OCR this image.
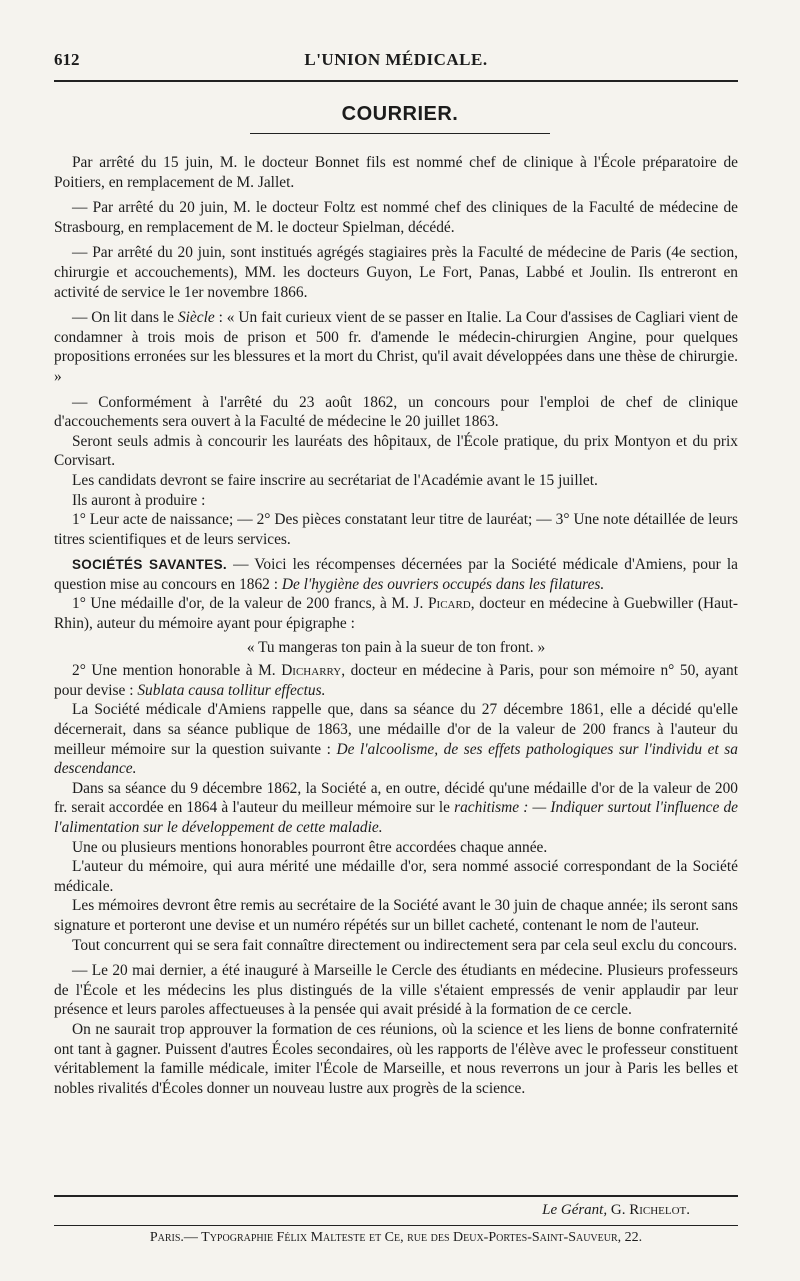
612	L'UNION MÉDICALE.
COURRIER.

Par arrêté du 15 juin, M. le docteur Bonnet fils est nommé chef de clinique à l'École préparatoire de Poitiers, en remplacement de M. Jallet.

— Par arrêté du 20 juin, M. le docteur Foltz est nommé chef des cliniques de la Faculté de médecine de Strasbourg, en remplacement de M. le docteur Spielman, décédé.

— Par arrêté du 20 juin, sont institués agrégés stagiaires près la Faculté de médecine de Paris (4e section, chirurgie et accouchements), MM. les docteurs Guyon, Le Fort, Panas, Labbé et Joulin. Ils entreront en activité de service le 1er novembre 1866.

— On lit dans le Siècle : « Un fait curieux vient de se passer en Italie. La Cour d'assises de Cagliari vient de condamner à trois mois de prison et 500 fr. d'amende le médecin-chirurgien Angine, pour quelques propositions erronées sur les blessures et la mort du Christ, qu'il avait développées dans une thèse de chirurgie. »

— Conformément à l'arrêté du 23 août 1862, un concours pour l'emploi de chef de clinique d'accouchements sera ouvert à la Faculté de médecine le 20 juillet 1863.

Seront seuls admis à concourir les lauréats des hôpitaux, de l'École pratique, du prix Montyon et du prix Corvisart.

Les candidats devront se faire inscrire au secrétariat de l'Académie avant le 15 juillet.

Ils auront à produire :

1° Leur acte de naissance; — 2° Des pièces constatant leur titre de lauréat; — 3° Une note détaillée de leurs titres scientifiques et de leurs services.

SOCIÉTÉS SAVANTES. — Voici les récompenses décernées par la Société médicale d'Amiens, pour la question mise au concours en 1862 : De l'hygiène des ouvriers occupés dans les filatures.

1° Une médaille d'or, de la valeur de 200 francs, à M. J. Picard, docteur en médecine à Guebwiller (Haut-Rhin), auteur du mémoire ayant pour épigraphe :

« Tu mangeras ton pain à la sueur de ton front. »

2° Une mention honorable à M. Dicharry, docteur en médecine à Paris, pour son mémoire n° 50, ayant pour devise : Sublata causa tollitur effectus.

La Société médicale d'Amiens rappelle que, dans sa séance du 27 décembre 1861, elle a décidé qu'elle décernerait, dans sa séance publique de 1863, une médaille d'or de la valeur de 200 francs à l'auteur du meilleur mémoire sur la question suivante : De l'alcoolisme, de ses effets pathologiques sur l'individu et sa descendance.

Dans sa séance du 9 décembre 1862, la Société a, en outre, décidé qu'une médaille d'or de la valeur de 200 fr. serait accordée en 1864 à l'auteur du meilleur mémoire sur le rachitisme : — Indiquer surtout l'influence de l'alimentation sur le développement de cette maladie.

Une ou plusieurs mentions honorables pourront être accordées chaque année.

L'auteur du mémoire, qui aura mérité une médaille d'or, sera nommé associé correspondant de la Société médicale.

Les mémoires devront être remis au secrétaire de la Société avant le 30 juin de chaque année; ils seront sans signature et porteront une devise et un numéro répétés sur un billet cacheté, contenant le nom de l'auteur.

Tout concurrent qui se sera fait connaître directement ou indirectement sera par cela seul exclu du concours.

— Le 20 mai dernier, a été inauguré à Marseille le Cercle des étudiants en médecine. Plusieurs professeurs de l'École et les médecins les plus distingués de la ville s'étaient empressés de venir applaudir par leur présence et leurs paroles affectueuses à la pensée qui avait présidé à la formation de ce cercle.

On ne saurait trop approuver la formation de ces réunions, où la science et les liens de bonne confraternité ont tant à gagner. Puissent d'autres Écoles secondaires, où les rapports de l'élève avec le professeur constituent véritablement la famille médicale, imiter l'École de Marseille, et nous reverrons un jour à Paris les belles et nobles rivalités d'Écoles donner un nouveau lustre aux progrès de la science.

Le Gérant, G. Richelot.
Paris.— Typographie Félix Malteste et Ce, rue des Deux-Portes-Saint-Sauveur, 22.
